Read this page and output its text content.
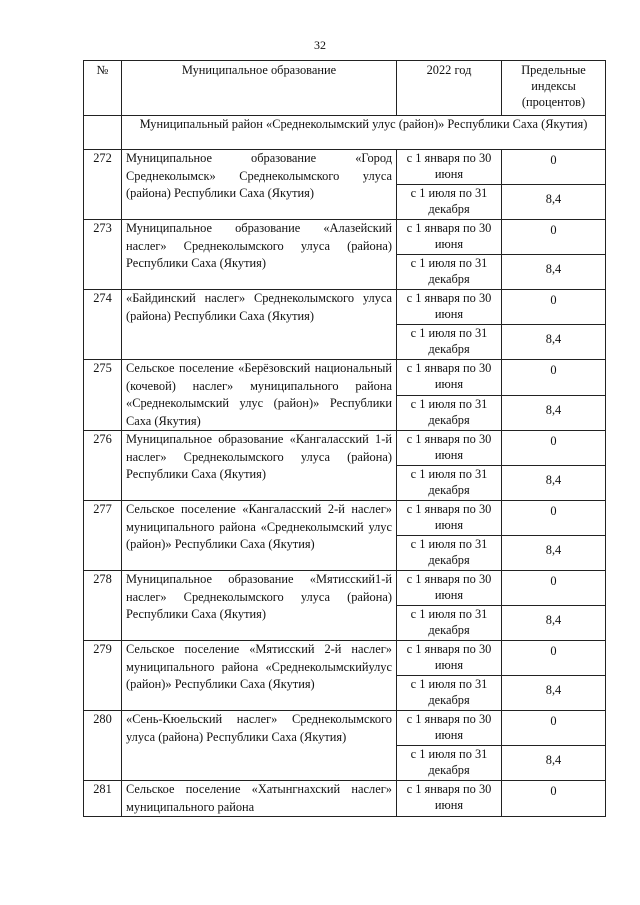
32
№	Муниципальное образование	2022 год	Предельные индексы (процентов)
	Муниципальный район «Среднеколымский улус (район)» Республики Саха (Якутия)		
272	Муниципальное образование «Город Среднеколымск» Среднеколымского улуса (района) Республики Саха (Якутия)	с 1 января по 30 июня	0
		с 1 июля по 31 декабря	8,4
273	Муниципальное образование «Алазейский наслег» Среднеколымского улуса (района) Республики Саха (Якутия)	с 1 января по 30 июня	0
		с 1 июля по 31 декабря	8,4
274	«Байдинский наслег» Среднеколымского улуса (района) Республики Саха (Якутия)	с 1 января по 30 июня	0
		с 1 июля по 31 декабря	8,4
275	Сельское поселение «Берёзовский национальный (кочевой) наслег» муниципального района «Среднеколымский улус (район)» Республики Саха (Якутия)	с 1 января по 30 июня	0
		с 1 июля по 31 декабря	8,4
276	Муниципальное образование «Кангаласский 1-й наслег» Среднеколымского улуса (района) Республики Саха (Якутия)	с 1 января по 30 июня	0
		с 1 июля по 31 декабря	8,4
277	Сельское поселение «Кангаласский 2-й наслег» муниципального района «Среднеколымский улус (район)» Республики Саха (Якутия)	с 1 января по 30 июня	0
		с 1 июля по 31 декабря	8,4
278	Муниципальное образование «Мятисский1-й наслег» Среднеколымского улуса (района) Республики Саха (Якутия)	с 1 января по 30 июня	0
		с 1 июля по 31 декабря	8,4
279	Сельское поселение «Мятисский 2-й наслег» муниципального района «Среднеколымскийулус (район)» Республики Саха (Якутия)	с 1 января по 30 июня	0
		с 1 июля по 31 декабря	8,4
280	«Сень-Кюельский наслег» Среднеколымского улуса (района) Республики Саха (Якутия)	с 1 января по 30 июня	0
		с 1 июля по 31 декабря	8,4
281	Сельское поселение «Хатынгнахский наслег» муниципального района	с 1 января по 30 июня	0
